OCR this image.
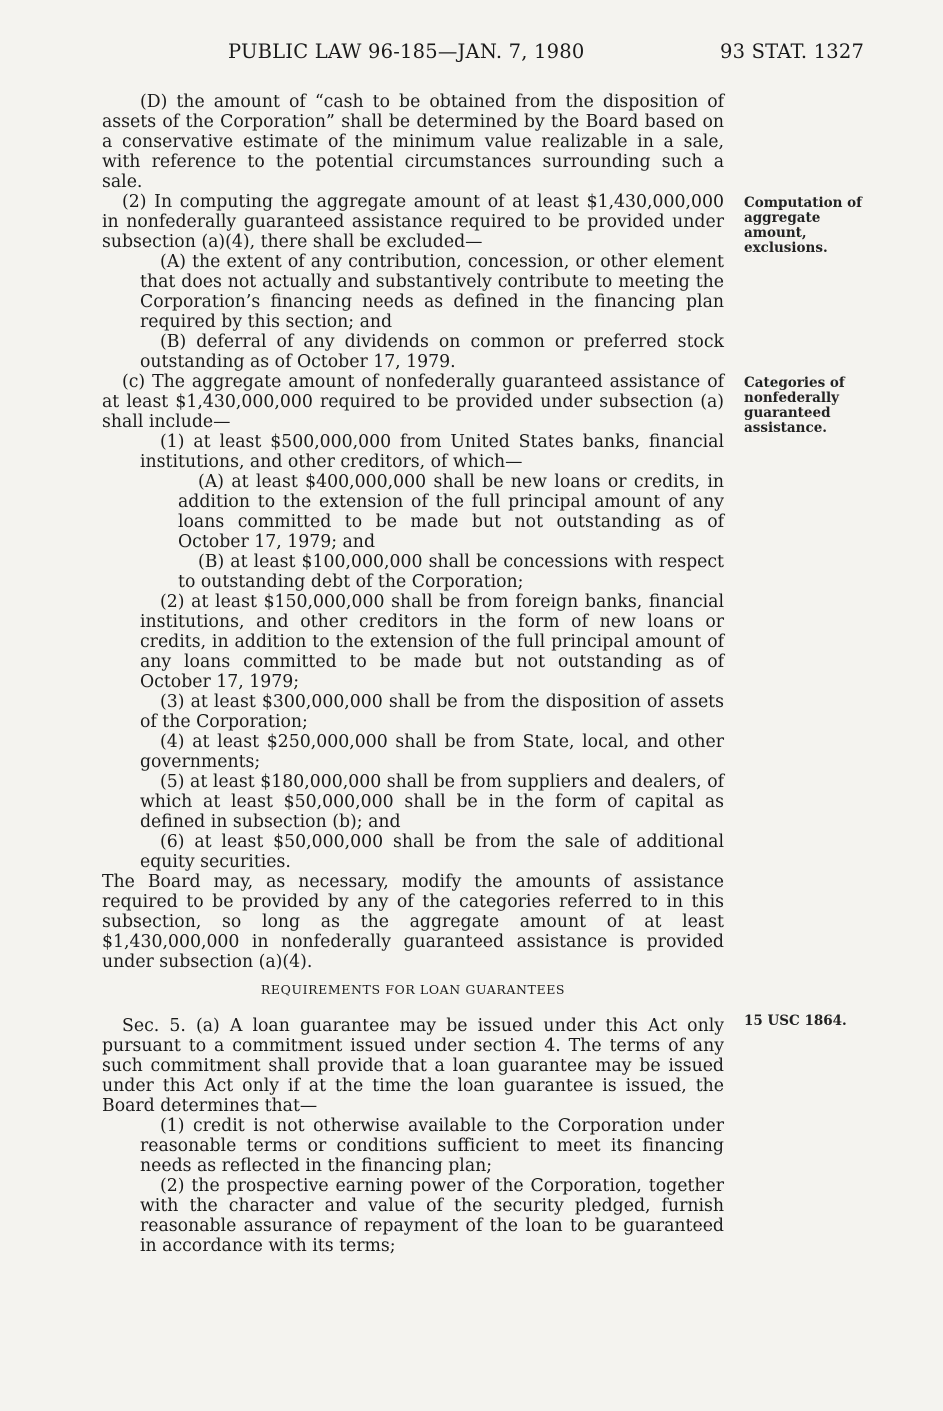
PUBLIC LAW 96-185—JAN. 7, 1980	93 STAT. 1327
Computation of aggregate amount, exclusions.
Categories of nonfederally guaranteed assistance.
15 USC 1864.

(D) the amount of “cash to be obtained from the disposition of assets of the Corporation” shall be determined by the Board based on a conservative estimate of the minimum value realizable in a sale, with reference to the potential circumstances surrounding such a sale.

(2) In computing the aggregate amount of at least $1,430,000,000 in nonfederally guaranteed assistance required to be provided under subsection (a)(4), there shall be excluded—

(A) the extent of any contribution, concession, or other element that does not actually and substantively contribute to meeting the Corporation’s financing needs as defined in the financing plan required by this section; and

(B) deferral of any dividends on common or preferred stock outstanding as of October 17, 1979.

(c) The aggregate amount of nonfederally guaranteed assistance of at least $1,430,000,000 required to be provided under subsection (a) shall include—

(1) at least $500,000,000 from United States banks, financial institutions, and other creditors, of which—

(A) at least $400,000,000 shall be new loans or credits, in addition to the extension of the full principal amount of any loans committed to be made but not outstanding as of October 17, 1979; and

(B) at least $100,000,000 shall be concessions with respect to outstanding debt of the Corporation;

(2) at least $150,000,000 shall be from foreign banks, financial institutions, and other creditors in the form of new loans or credits, in addition to the extension of the full principal amount of any loans committed to be made but not outstanding as of October 17, 1979;

(3) at least $300,000,000 shall be from the disposition of assets of the Corporation;

(4) at least $250,000,000 shall be from State, local, and other governments;

(5) at least $180,000,000 shall be from suppliers and dealers, of which at least $50,000,000 shall be in the form of capital as defined in subsection (b); and

(6) at least $50,000,000 shall be from the sale of additional equity securities.

The Board may, as necessary, modify the amounts of assistance required to be provided by any of the categories referred to in this subsection, so long as the aggregate amount of at least $1,430,000,000 in nonfederally guaranteed assistance is provided under subsection (a)(4).

REQUIREMENTS FOR LOAN GUARANTEES

Sec. 5. (a) A loan guarantee may be issued under this Act only pursuant to a commitment issued under section 4. The terms of any such commitment shall provide that a loan guarantee may be issued under this Act only if at the time the loan guarantee is issued, the Board determines that—

(1) credit is not otherwise available to the Corporation under reasonable terms or conditions sufficient to meet its financing needs as reflected in the financing plan;

(2) the prospective earning power of the Corporation, together with the character and value of the security pledged, furnish reasonable assurance of repayment of the loan to be guaranteed in accordance with its terms;
